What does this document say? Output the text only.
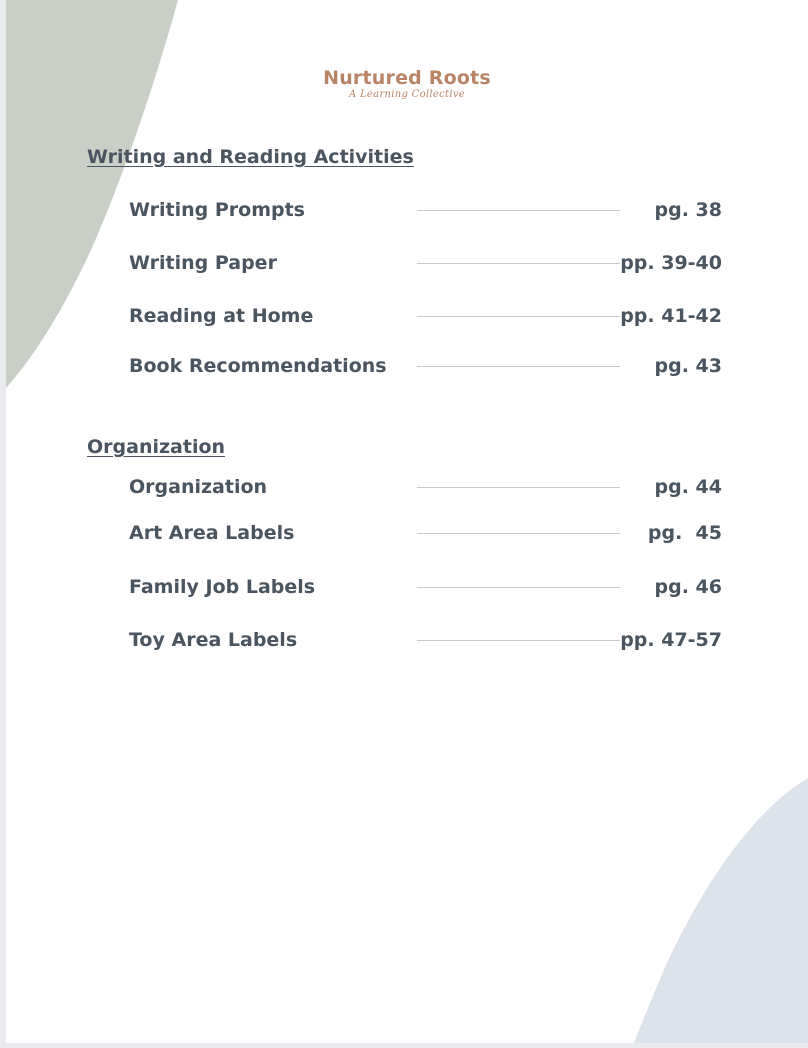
Nurtured Roots
A Learning Collective
Writing and Reading Activities
Writing Prompts	pg. 38
Writing Paper	pp. 39-40
Reading at Home	pp. 41-42
Book Recommendations	pg. 43
Organization
Organization	pg. 44
Art Area Labels	pg.  45
Family Job Labels	pg. 46
Toy Area Labels	pp. 47-57
